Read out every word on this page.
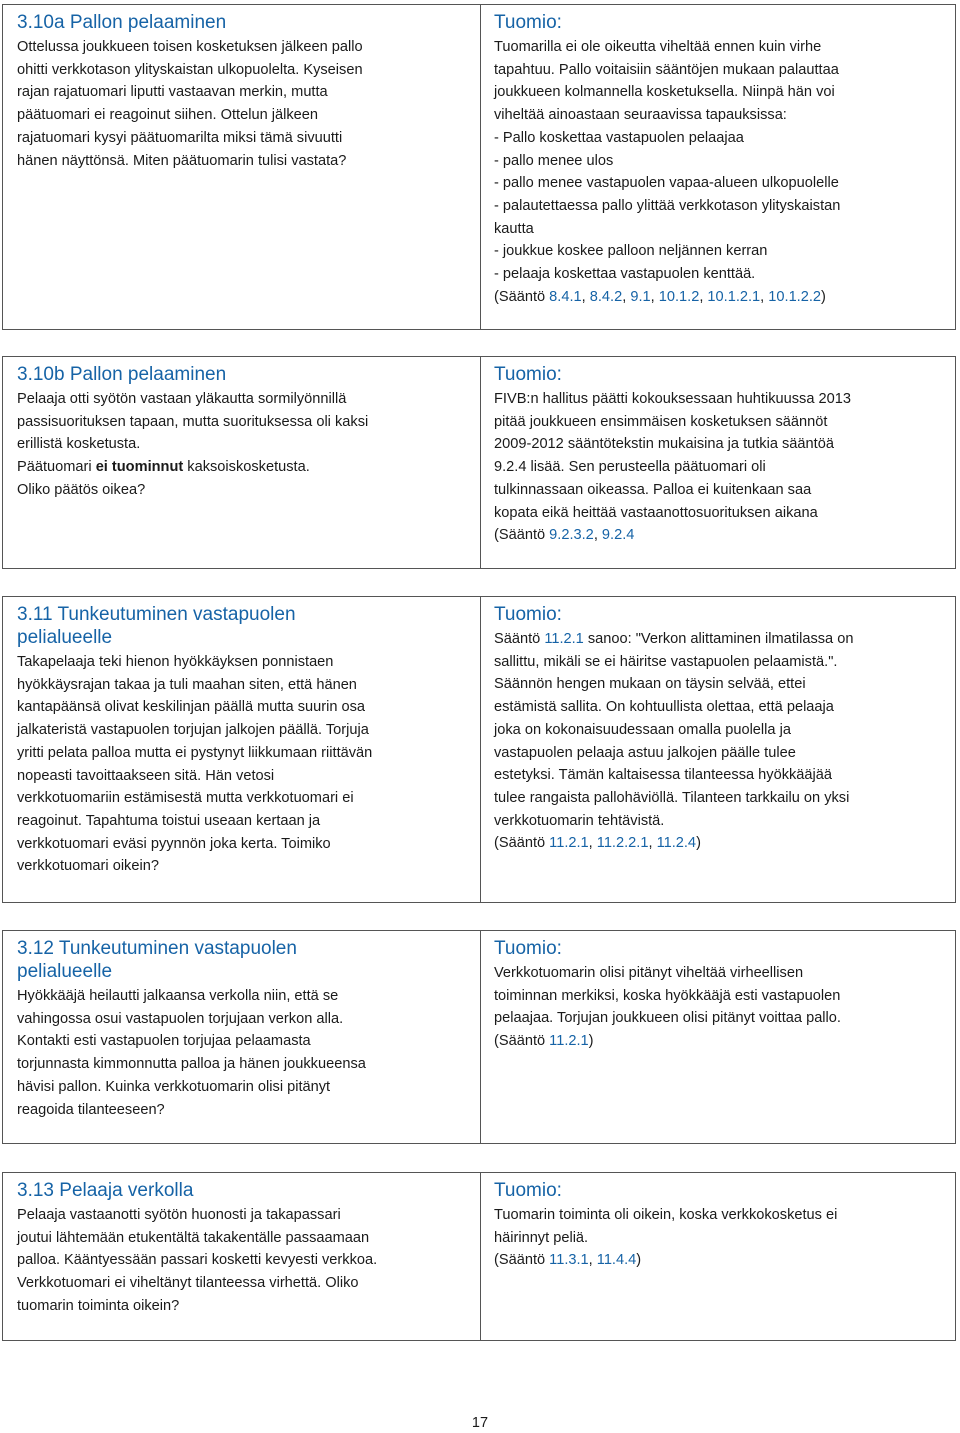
3.10a Pallon pelaaminen
Ottelussa joukkueen toisen kosketuksen jälkeen pallo
ohitti verkkotason ylityskaistan ulkopuolelta. Kyseisen
rajan rajatuomari liputti vastaavan merkin, mutta
päätuomari ei reagoinut siihen. Ottelun jälkeen
rajatuomari kysyi päätuomarilta miksi tämä sivuutti
hänen näyttönsä. Miten päätuomarin tulisi vastata?
Tuomio:
Tuomarilla ei ole oikeutta viheltää ennen kuin virhe
tapahtuu. Pallo voitaisiin sääntöjen mukaan palauttaa
joukkueen kolmannella kosketuksella. Niinpä hän voi
viheltää ainoastaan seuraavissa tapauksissa:
- Pallo koskettaa vastapuolen pelaajaa
- pallo menee ulos
- pallo menee vastapuolen vapaa-alueen ulkopuolelle
- palautettaessa pallo ylittää verkkotason ylityskaistan
kautta
- joukkue koskee palloon neljännen kerran
- pelaaja koskettaa vastapuolen kenttää.
(Sääntö 8.4.1, 8.4.2, 9.1, 10.1.2, 10.1.2.1, 10.1.2.2)
3.10b Pallon pelaaminen
Pelaaja otti syötön vastaan yläkautta sormilyönnillä
passisuorituksen tapaan, mutta suorituksessa oli kaksi
erillistä kosketusta.
Päätuomari ei tuominnut kaksoiskosketusta.
Oliko päätös oikea?
Tuomio:
FIVB:n hallitus päätti kokouksessaan huhtikuussa 2013
pitää joukkueen ensimmäisen kosketuksen säännöt
2009-2012 sääntötekstin mukaisina ja tutkia sääntöä
9.2.4 lisää. Sen perusteella päätuomari oli
tulkinnassaan oikeassa. Palloa ei kuitenkaan saa
kopata eikä heittää vastaanottosuorituksen aikana
(Sääntö 9.2.3.2, 9.2.4
3.11 Tunkeutuminen vastapuolen
pelialueelle
Takapelaaja teki hienon hyökkäyksen ponnistaen
hyökkäysrajan takaa ja tuli maahan siten, että hänen
kantapäänsä olivat keskilinjan päällä mutta suurin osa
jalkateristä vastapuolen torjujan jalkojen päällä. Torjuja
yritti pelata palloa mutta ei pystynyt liikkumaan riittävän
nopeasti tavoittaakseen sitä. Hän vetosi
verkkotuomariin estämisestä mutta verkkotuomari ei
reagoinut. Tapahtuma toistui useaan kertaan ja
verkkotuomari eväsi pyynnön joka kerta. Toimiko
verkkotuomari oikein?
Tuomio:
Sääntö 11.2.1 sanoo: "Verkon alittaminen ilmatilassa on
sallittu, mikäli se ei häiritse vastapuolen pelaamistä.".
Säännön hengen mukaan on täysin selvää, ettei
estämistä sallita. On kohtuullista olettaa, että pelaaja
joka on kokonaisuudessaan omalla puolella ja
vastapuolen pelaaja astuu jalkojen päälle tulee
estetyksi. Tämän kaltaisessa tilanteessa hyökkääjää
tulee rangaista pallohäviöllä. Tilanteen tarkkailu on yksi
verkkotuomarin tehtävistä.
(Sääntö 11.2.1, 11.2.2.1, 11.2.4)
3.12 Tunkeutuminen vastapuolen
pelialueelle
Hyökkääjä heilautti jalkaansa verkolla niin, että se
vahingossa osui vastapuolen torjujaan verkon alla.
Kontakti esti vastapuolen torjujaa pelaamasta
torjunnasta kimmonnutta palloa ja hänen joukkueensa
hävisi pallon. Kuinka verkkotuomarin olisi pitänyt
reagoida tilanteeseen?
Tuomio:
Verkkotuomarin olisi pitänyt viheltää virheellisen
toiminnan merkiksi, koska hyökkääjä esti vastapuolen
pelaajaa. Torjujan joukkueen olisi pitänyt voittaa pallo.
(Sääntö 11.2.1)
3.13 Pelaaja verkolla
Pelaaja vastaanotti syötön huonosti ja takapassari
joutui lähtemään etukentältä takakentälle passaamaan
palloa. Kääntyessään passari kosketti kevyesti verkkoa.
Verkkotuomari ei viheltänyt tilanteessa virhettä. Oliko
tuomarin toiminta oikein?
Tuomio:
Tuomarin toiminta oli oikein, koska verkkokosketus ei
häirinnyt peliä.
(Sääntö 11.3.1, 11.4.4)
17
